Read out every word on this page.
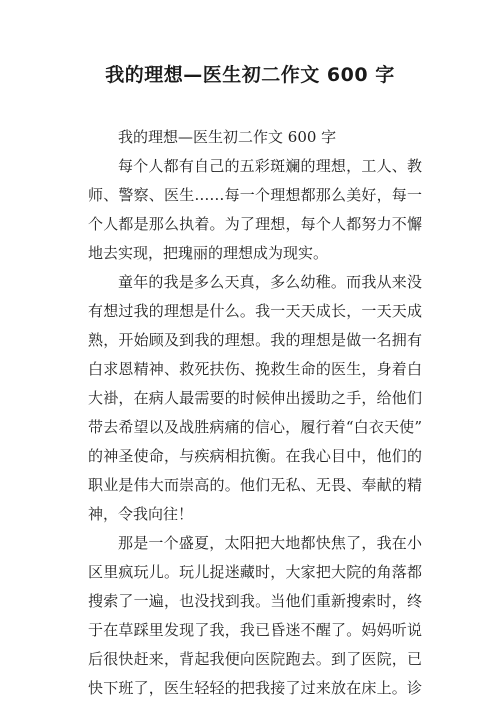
我的理想—医生初二作文 600 字
我的理想—医生初二作文 600 字
每个人都有自己的五彩斑斓的理想，工人、教
师、警察、医生……每一个理想都那么美好，每一
个人都是那么执着。为了理想，每个人都努力不懈
地去实现，把瑰丽的理想成为现实。
童年的我是多么天真，多么幼稚。而我从来没
有想过我的理想是什么。我一天天成长，一天天成
熟，开始顾及到我的理想。我的理想是做一名拥有
白求恩精神、救死扶伤、挽救生命的医生，身着白
大褂，在病人最需要的时候伸出援助之手，给他们
带去希望以及战胜病痛的信心，履行着“白衣天使”
的神圣使命，与疾病相抗衡。在我心目中，他们的
职业是伟大而崇高的。他们无私、无畏、奉献的精
神，令我向往！
那是一个盛夏，太阳把大地都快焦了，我在小
区里疯玩儿。玩儿捉迷藏时，大家把大院的角落都
搜索了一遍，也没找到我。当他们重新搜索时，终
于在草踩里发现了我，我已昏迷不醒了。妈妈听说
后很快赶来，背起我便向医院跑去。到了医院，已
快下班了，医生轻轻的把我接了过来放在床上。诊
